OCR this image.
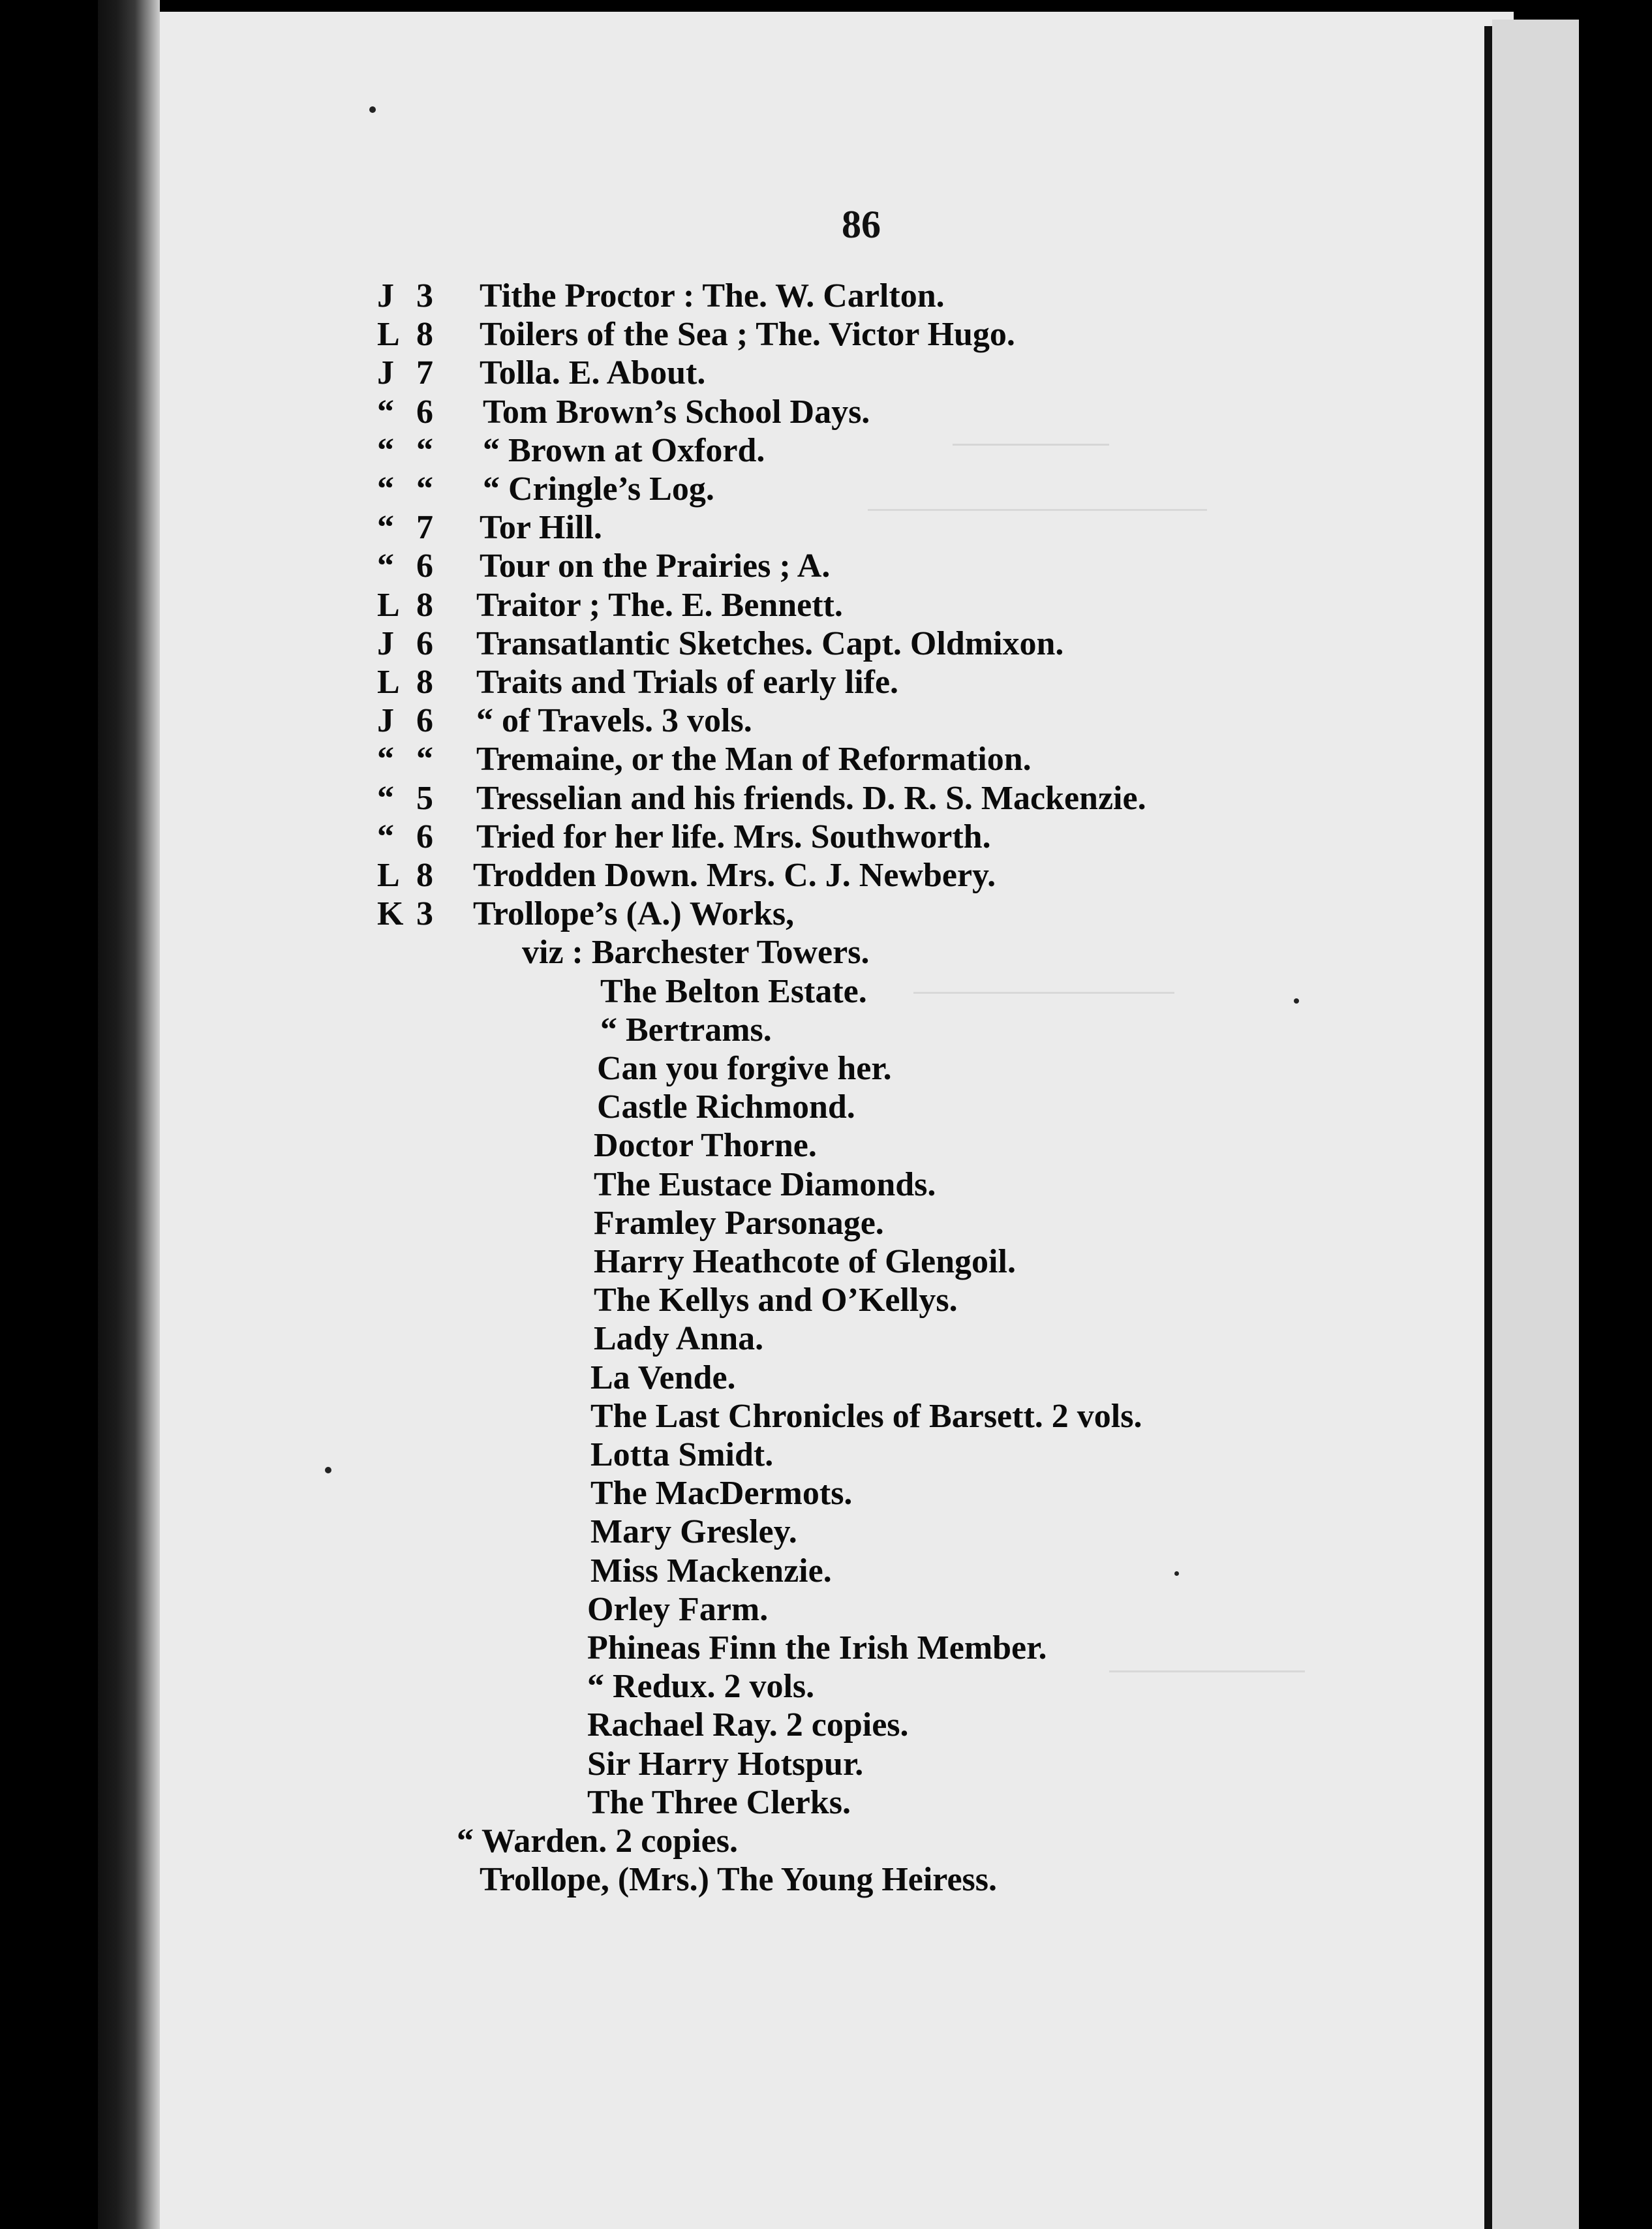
86
J 3	Tithe Proctor : The. W. Carlton.
L 8	Toilers of the Sea ; The. Victor Hugo.
J 7	Tolla. E. About.
“ 6	Tom Brown’s School Days.
“ “	“ Brown at Oxford.
“ “	“ Cringle’s Log.
“ 7	Tor Hill.
“ 6	Tour on the Prairies ; A.
L 8	Traitor ; The. E. Bennett.
J 6	Transatlantic Sketches. Capt. Oldmixon.
L 8	Traits and Trials of early life.
J 6	“ of Travels. 3 vols.
“ “	Tremaine, or the Man of Reformation.
“ 5	Tresselian and his friends. D. R. S. Mackenzie.
“ 6	Tried for her life. Mrs. Southworth.
L 8	Trodden Down. Mrs. C. J. Newbery.
K 3	Trollope’s (A.) Works,
viz : Barchester Towers.
The Belton Estate.
“ Bertrams.
Can you forgive her.
Castle Richmond.
Doctor Thorne.
The Eustace Diamonds.
Framley Parsonage.
Harry Heathcote of Glengoil.
The Kellys and O’Kellys.
Lady Anna.
La Vende.
The Last Chronicles of Barsett. 2 vols.
Lotta Smidt.
The MacDermots.
Mary Gresley.
Miss Mackenzie.
Orley Farm.
Phineas Finn the Irish Member.
“ Redux. 2 vols.
Rachael Ray. 2 copies.
Sir Harry Hotspur.
The Three Clerks.
“ Warden. 2 copies.
Trollope, (Mrs.) The Young Heiress.
